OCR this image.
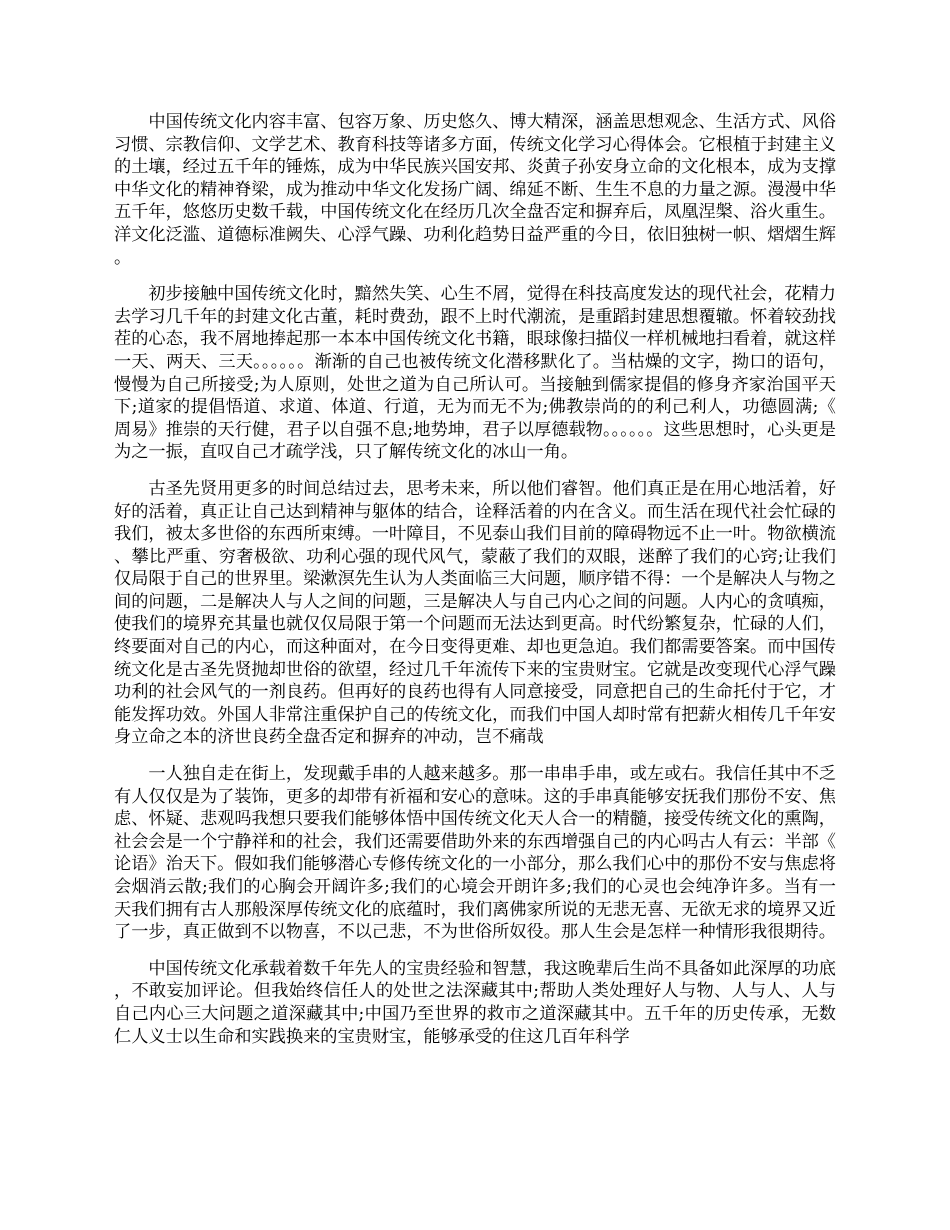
中国传统文化内容丰富、包容万象、历史悠久、博大精深，涵盖思想观念、生活方式、风俗习惯、宗教信仰、文学艺术、教育科技等诸多方面，传统文化学习心得体会。它根植于封建主义的土壤，经过五千年的锤炼，成为中华民族兴国安邦、炎黄子孙安身立命的文化根本，成为支撑中华文化的精神脊梁，成为推动中华文化发扬广阔、绵延不断、生生不息的力量之源。漫漫中华五千年，悠悠历史数千载，中国传统文化在经历几次全盘否定和摒弃后，凤凰涅槃、浴火重生。洋文化泛滥、道德标准阙失、心浮气躁、功利化趋势日益严重的今日，依旧独树一帜、熠熠生辉。

初步接触中国传统文化时，黯然失笑、心生不屑，觉得在科技高度发达的现代社会，花精力去学习几千年的封建文化古董，耗时费劲，跟不上时代潮流，是重蹈封建思想覆辙。怀着较劲找茬的心态，我不屑地捧起那一本本中国传统文化书籍，眼球像扫描仪一样机械地扫看着，就这样一天、两天、三天。。。。。。渐渐的自己也被传统文化潜移默化了。当枯燥的文字，拗口的语句，慢慢为自己所接受;为人原则，处世之道为自己所认可。当接触到儒家提倡的修身齐家治国平天下;道家的提倡悟道、求道、体道、行道，无为而无不为;佛教崇尚的的利己利人，功德圆满;《周易》推崇的天行健，君子以自强不息;地势坤，君子以厚德载物。。。。。。这些思想时，心头更是为之一振，直叹自己才疏学浅，只了解传统文化的冰山一角。

古圣先贤用更多的时间总结过去，思考未来，所以他们睿智。他们真正是在用心地活着，好好的活着，真正让自己达到精神与躯体的结合，诠释活着的内在含义。而生活在现代社会忙碌的我们，被太多世俗的东西所束缚。一叶障目，不见泰山我们目前的障碍物远不止一叶。物欲横流、攀比严重、穷奢极欲、功利心强的现代风气，蒙蔽了我们的双眼，迷醉了我们的心窍;让我们仅局限于自己的世界里。梁漱溟先生认为人类面临三大问题，顺序错不得：一个是解决人与物之间的问题，二是解决人与人之间的问题，三是解决人与自己内心之间的问题。人内心的贪嗔痴，使我们的境界充其量也就仅仅局限于第一个问题而无法达到更高。时代纷繁复杂，忙碌的人们，终要面对自己的内心，而这种面对，在今日变得更难、却也更急迫。我们都需要答案。而中国传统文化是古圣先贤抛却世俗的欲望，经过几千年流传下来的宝贵财宝。它就是改变现代心浮气躁功利的社会风气的一剂良药。但再好的良药也得有人同意接受，同意把自己的生命托付于它，才能发挥功效。外国人非常注重保护自己的传统文化，而我们中国人却时常有把薪火相传几千年安身立命之本的济世良药全盘否定和摒弃的冲动，岂不痛哉

一人独自走在街上，发现戴手串的人越来越多。那一串串手串，或左或右。我信任其中不乏有人仅仅是为了装饰，更多的却带有祈福和安心的意味。这的手串真能够安抚我们那份不安、焦虑、怀疑、悲观吗我想只要我们能够体悟中国传统文化天人合一的精髓，接受传统文化的熏陶，社会会是一个宁静祥和的社会，我们还需要借助外来的东西增强自己的内心吗古人有云：半部《论语》治天下。假如我们能够潜心专修传统文化的一小部分，那么我们心中的那份不安与焦虑将会烟消云散;我们的心胸会开阔许多;我们的心境会开朗许多;我们的心灵也会纯净许多。当有一天我们拥有古人那般深厚传统文化的底蕴时，我们离佛家所说的无悲无喜、无欲无求的境界又近了一步，真正做到不以物喜，不以己悲，不为世俗所奴役。那人生会是怎样一种情形我很期待。

中国传统文化承载着数千年先人的宝贵经验和智慧，我这晚辈后生尚不具备如此深厚的功底，不敢妄加评论。但我始终信任人的处世之法深藏其中;帮助人类处理好人与物、人与人、人与自己内心三大问题之道深藏其中;中国乃至世界的救市之道深藏其中。五千年的历史传承，无数仁人义士以生命和实践换来的宝贵财宝，能够承受的住这几百年科学
